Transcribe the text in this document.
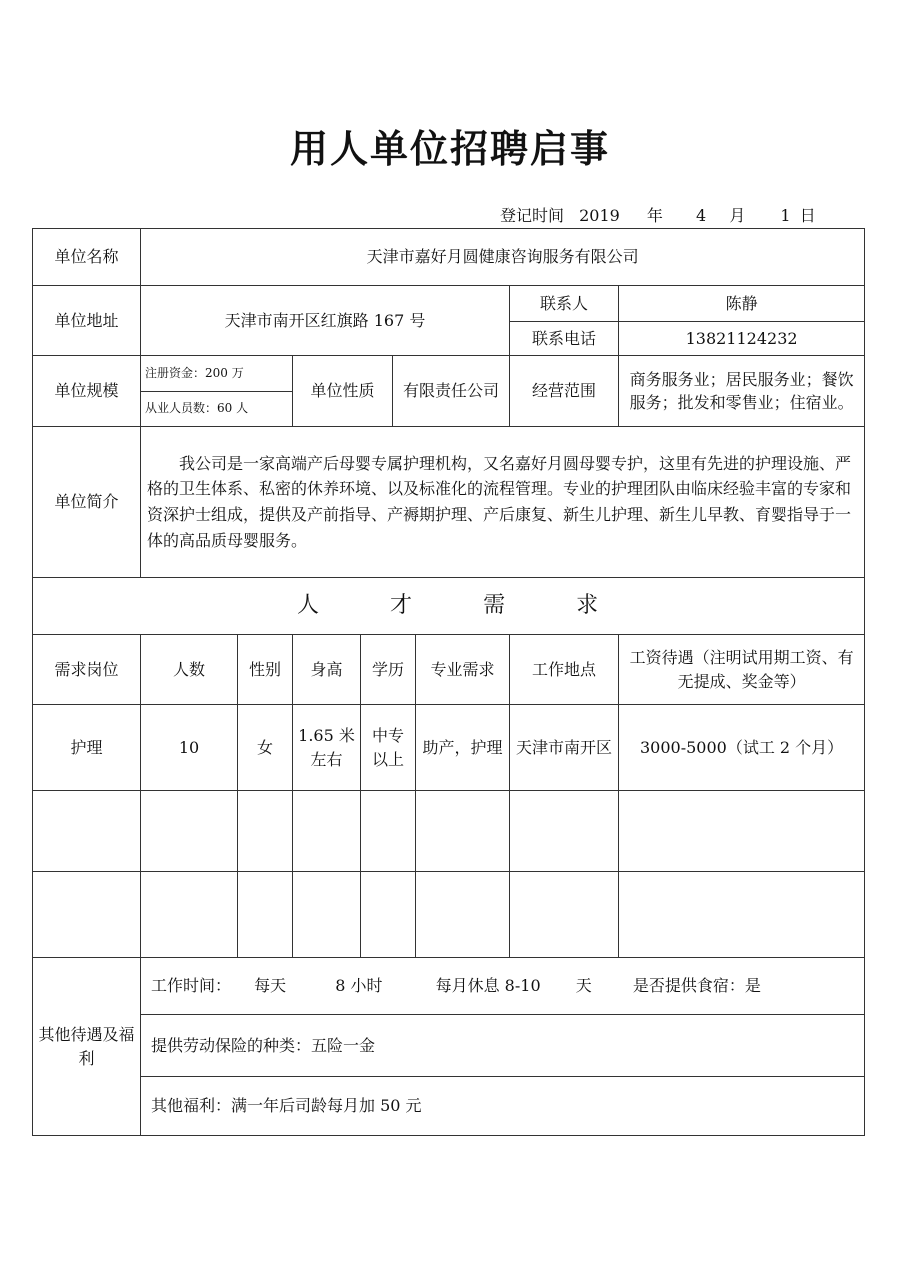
用人单位招聘启事
登记时间 2019 年 4 月 1 日
单位名称	天津市嘉好月圆健康咨询服务有限公司							
单位地址	天津市南开区红旗路 167 号						联系人	陈静
							联系电话	13821124232
单位规模	注册资金：200 万		单位性质		有限责任公司		经营范围	商务服务业；居民服务业；餐饮服务；批发和零售业；住宿业。
	从业人员数：60 人							
单位简介	我公司是一家高端产后母婴专属护理机构，又名嘉好月圆母婴专护，这里有先进的护理设施、严格的卫生体系、私密的休养环境、以及标准化的流程管理。专业的护理团队由临床经验丰富的专家和资深护士组成，提供及产前指导、产褥期护理、产后康复、新生儿护理、新生儿早教、育婴指导于一体的高品质母婴服务。							
人 才 需 求								
需求岗位	人数	性别	身高	学历		专业需求	工作地点	工资待遇（注明试用期工资、有无提成、奖金等）
护理	10	女	1.65 米左右	中专以上		助产，护理	天津市南开区	3000-5000（试工 2 个月）

其他待遇及福利	工作时间： 每天 8 小时 每月休息 8-10 天 是否提供食宿：是							
	提供劳动保险的种类：五险一金							
	其他福利：满一年后司龄每月加 50 元							
